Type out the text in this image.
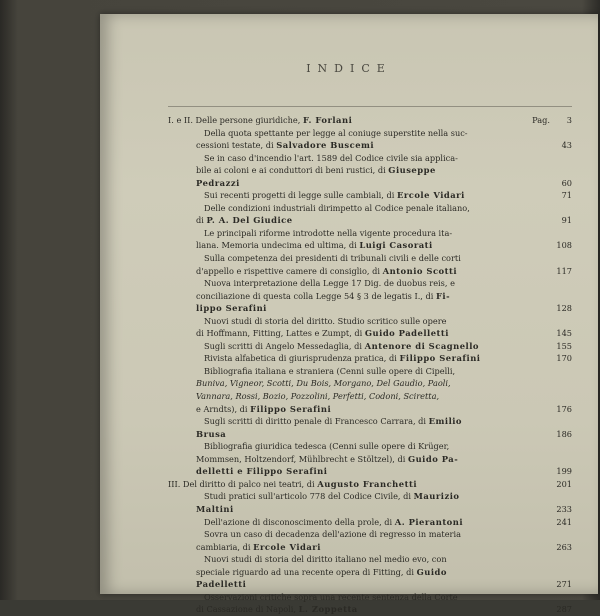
INDICE
I. e II. Delle persone giuridiche, F. Forlani	Pag.	3
Della quota spettante per legge al coniuge superstite nella suc-
cessioni testate, di Salvadore Buscemi	43
Se in caso d'incendio l'art. 1589 del Codice civile sia applica-
bile ai coloni e ai conduttori di beni rustici, di Giuseppe
Pedrazzi	60
Sui recenti progetti di legge sulle cambiali, di Ercole Vidari	71
Delle condizioni industriali dirimpetto al Codice penale italiano,
di P. A. Del Giudice	91
Le principali riforme introdotte nella vigente procedura ita-
liana. Memoria undecima ed ultima, di Luigi Casorati	108
Sulla competenza dei presidenti di tribunali civili e delle corti
d'appello e rispettive camere di consiglio, di Antonio Scotti	117
Nuova interpretazione della Legge 17 Dig. de duobus reis, e
conciliazione di questa colla Legge 54 § 3 de legatis I., di Fi-
lippo Serafini	128
Nuovi studi di storia del diritto. Studio scritico sulle opere
di Hoffmann, Fitting, Lattes e Zumpt, di Guido Padelletti	145
Sugli scritti di Angelo Messedaglia, di Antenore di Scagnello	155
Rivista alfabetica di giurisprudenza pratica, di Filippo Serafini	170
Bibliografia italiana e straniera (Cenni sulle opere di Cipelli,
Buniva, Vigneor, Scotti, Du Bois, Morgano, Del Gaudio, Paoli,
Vannara, Rossi, Bozio, Pozzolini, Perfetti, Codoni, Sciretta,
e Arndts), di Filippo Serafini	176
Sugli scritti di diritto penale di Francesco Carrara, di Emilio
Brusa	186
Bibliografia giuridica tedesca (Cenni sulle opere di Krüger,
Mommsen, Holtzendorf, Mühlbrecht e Stöltzel), di Guido Pa-
delletti e Filippo Serafini	199
III. Del diritto di palco nei teatri, di Augusto Franchetti	201
Studi pratici sull'articolo 778 del Codice Civile, di Maurizio
Maltini	233
Dell'azione di disconoscimento della prole, di A. Pierantoni	241
Sovra un caso di decadenza dell'azione di regresso in materia
cambiaria, di Ercole Vidari	263
Nuovi studi di storia del diritto italiano nel medio evo, con
speciale riguardo ad una recente opera di Fitting, di Guido
Padelletti	271
Osservazioni critiche sopra una recente sentenza della Corte
di Cassazione di Napoli, L. Zoppetta	287
